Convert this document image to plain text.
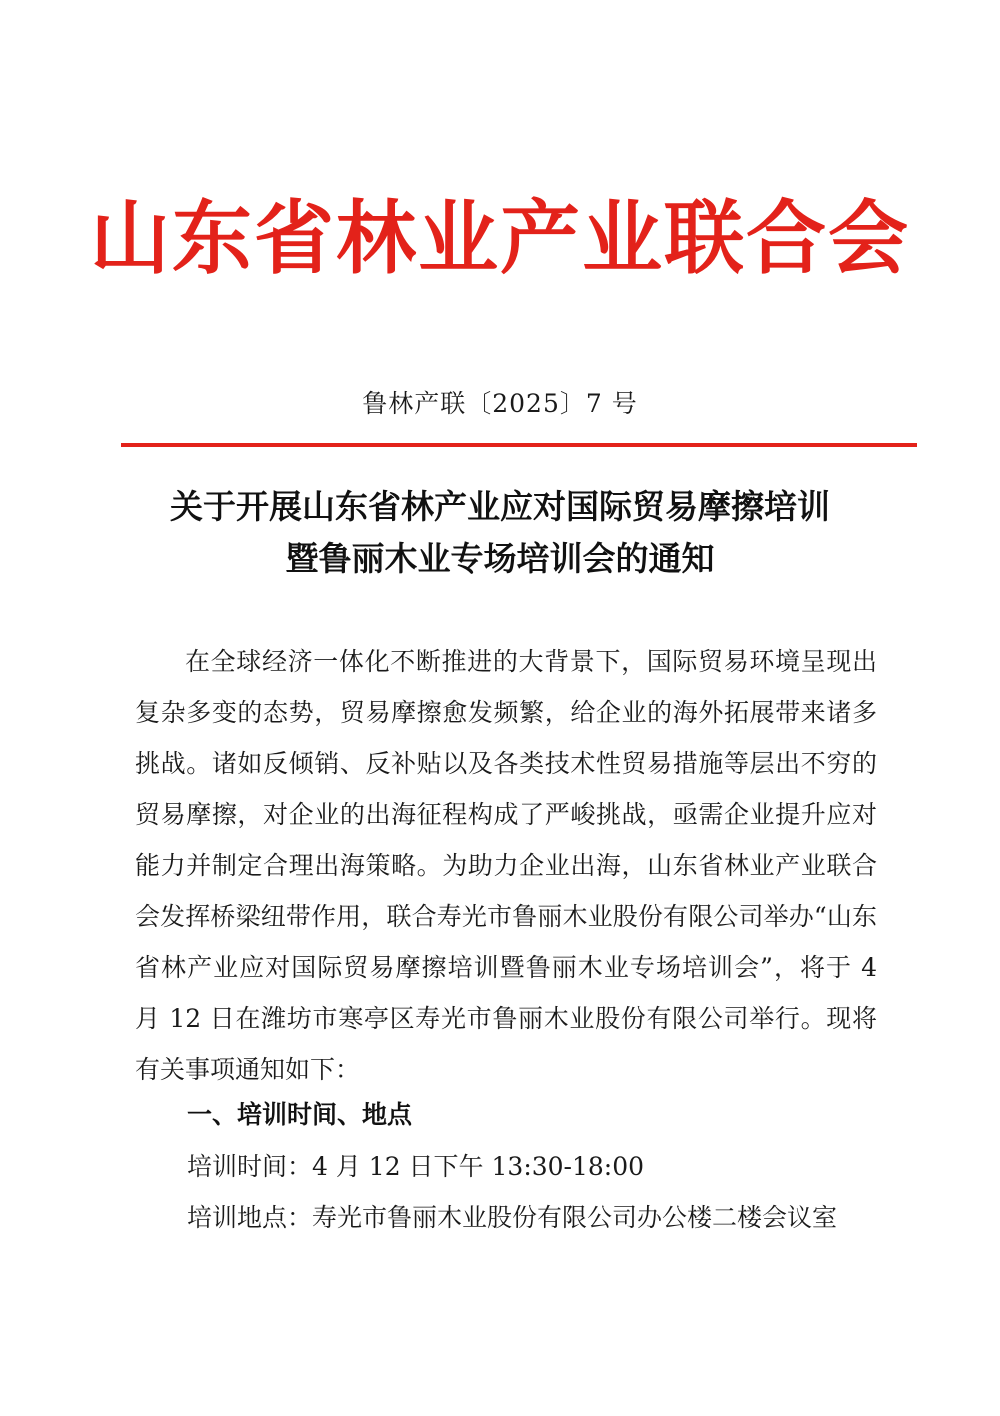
山东省林业产业联合会
鲁林产联〔2025〕7 号
关于开展山东省林产业应对国际贸易摩擦培训
暨鲁丽木业专场培训会的通知

在全球经济一体化不断推进的大背景下，国际贸易环境呈现出复杂多变的态势，贸易摩擦愈发频繁，给企业的海外拓展带来诸多挑战。诸如反倾销、反补贴以及各类技术性贸易措施等层出不穷的贸易摩擦，对企业的出海征程构成了严峻挑战，亟需企业提升应对能力并制定合理出海策略。为助力企业出海，山东省林业产业联合会发挥桥梁纽带作用，联合寿光市鲁丽木业股份有限公司举办“山东省林产业应对国际贸易摩擦培训暨鲁丽木业专场培训会”，将于 4 月 12 日在潍坊市寒亭区寿光市鲁丽木业股份有限公司举行。现将有关事项通知如下：

一、培训时间、地点
培训时间：4 月 12 日下午 13:30-18:00
培训地点：寿光市鲁丽木业股份有限公司办公楼二楼会议室
